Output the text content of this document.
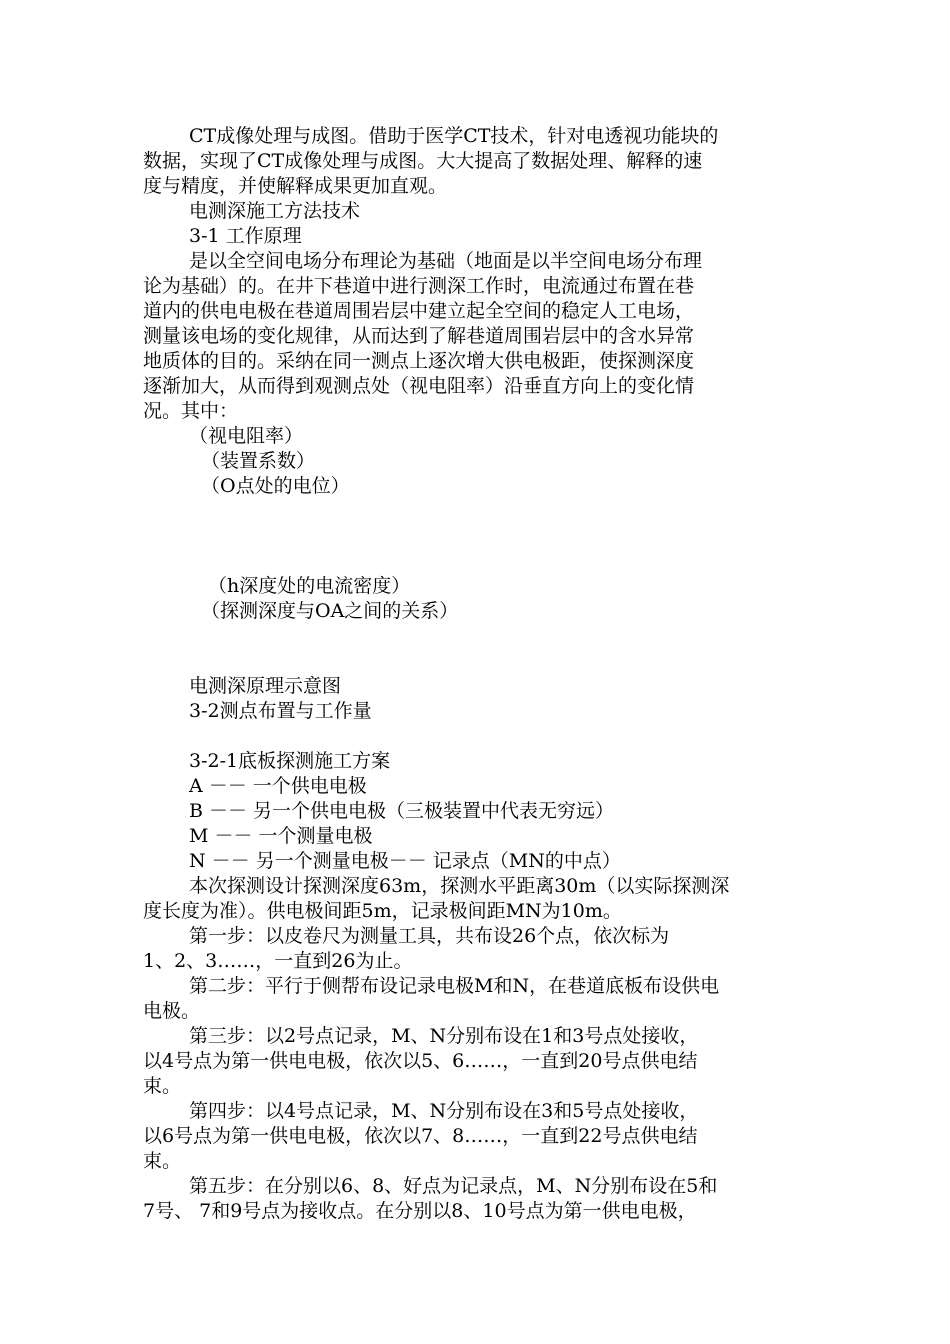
CT成像处理与成图。借助于医学CT技术，针对电透视功能块的
数据，实现了CT成像处理与成图。大大提高了数据处理、解释的速
度与精度，并使解释成果更加直观。
电测深施工方法技术
3-1 工作原理
是以全空间电场分布理论为基础（地面是以半空间电场分布理
论为基础）的。在井下巷道中进行测深工作时，电流通过布置在巷
道内的供电电极在巷道周围岩层中建立起全空间的稳定人工电场，
测量该电场的变化规律，从而达到了解巷道周围岩层中的含水异常
地质体的目的。采纳在同一测点上逐次增大供电极距，使探测深度
逐渐加大，从而得到观测点处（视电阻率）沿垂直方向上的变化情
况。其中：
（视电阻率）
（装置系数）
（O点处的电位）
（h深度处的电流密度）
（探测深度与OA之间的关系）
电测深原理示意图
3-2测点布置与工作量
3-2-1底板探测施工方案
A －－ 一个供电电极
B －－ 另一个供电电极（三极装置中代表无穷远）
M －－ 一个测量电极
N －－ 另一个测量电极－－ 记录点（MN的中点）
本次探测设计探测深度63m，探测水平距离30m（以实际探测深
度长度为准）。供电极间距5m，记录极间距MN为10m。
第一步：以皮卷尺为测量工具，共布设26个点，依次标为
1、2、3……，一直到26为止。
第二步：平行于侧帮布设记录电极M和N，在巷道底板布设供电
电极。
第三步：以2号点记录，M、N分别布设在1和3号点处接收，
以4号点为第一供电电极，依次以5、6……，一直到20号点供电结
束。
第四步：以4号点记录，M、N分别布设在3和5号点处接收，
以6号点为第一供电电极，依次以7、8……，一直到22号点供电结
束。
第五步：在分别以6、8、好点为记录点，M、N分别布设在5和
7号、 7和9号点为接收点。在分别以8、10号点为第一供电电极，
